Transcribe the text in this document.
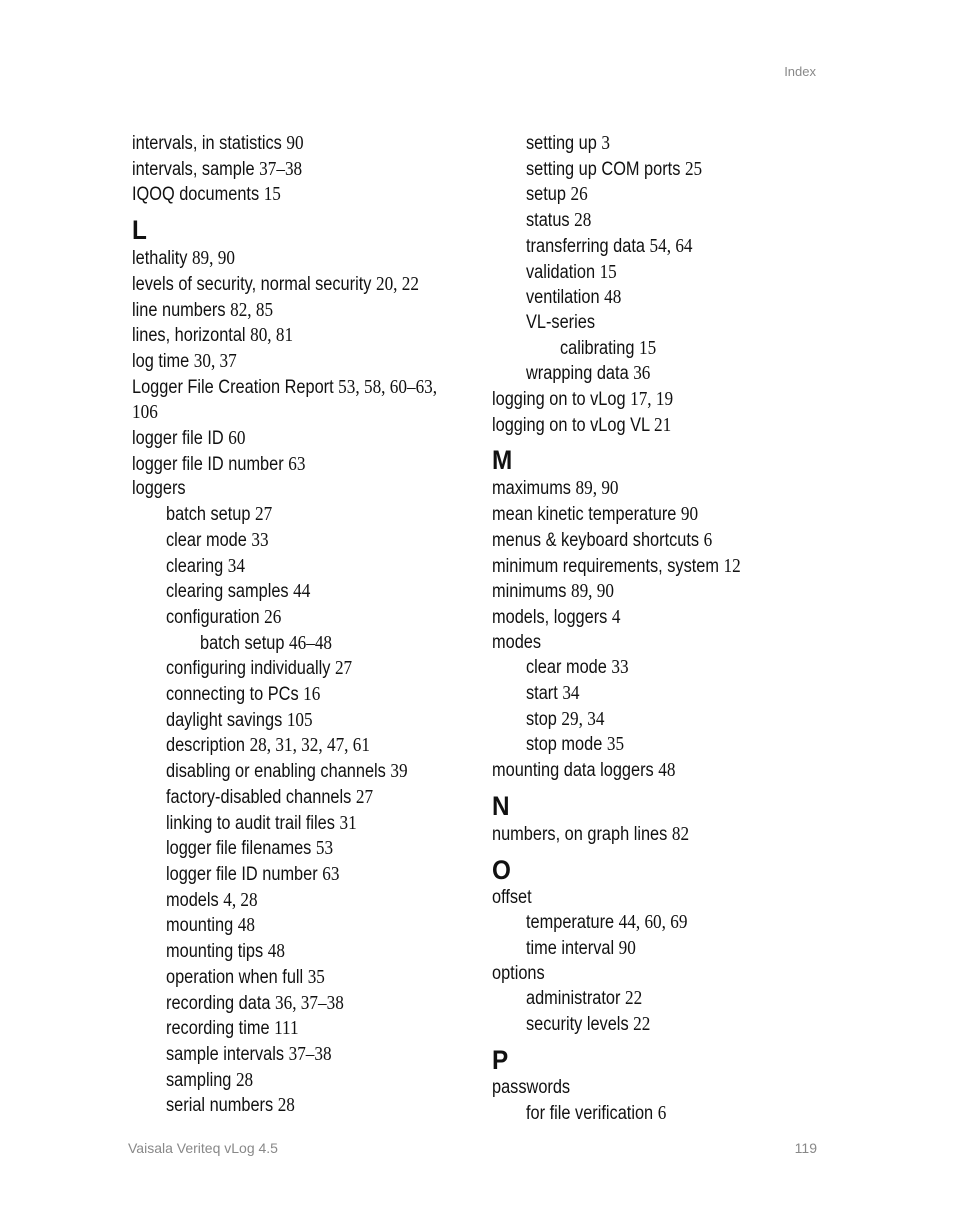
Index
intervals, in statistics 90
intervals, sample 37–38
IQOQ documents 15
L
lethality 89, 90
levels of security, normal security 20, 22
line numbers 82, 85
lines, horizontal 80, 81
log time 30, 37
Logger File Creation Report 53, 58, 60–63, 106
logger file ID 60
logger file ID number 63
loggers
batch setup 27
clear mode 33
clearing 34
clearing samples 44
configuration 26
batch setup 46–48
configuring individually 27
connecting to PCs 16
daylight savings 105
description 28, 31, 32, 47, 61
disabling or enabling channels 39
factory-disabled channels 27
linking to audit trail files 31
logger file filenames 53
logger file ID number 63
models 4, 28
mounting 48
mounting tips 48
operation when full 35
recording data 36, 37–38
recording time 111
sample intervals 37–38
sampling 28
serial numbers 28
setting up 3
setting up COM ports 25
setup 26
status 28
transferring data 54, 64
validation 15
ventilation 48
VL-series
calibrating 15
wrapping data 36
logging on to vLog 17, 19
logging on to vLog VL 21
M
maximums 89, 90
mean kinetic temperature 90
menus & keyboard shortcuts 6
minimum requirements, system 12
minimums 89, 90
models, loggers 4
modes
clear mode 33
start 34
stop 29, 34
stop mode 35
mounting data loggers 48
N
numbers, on graph lines 82
O
offset
temperature 44, 60, 69
time interval 90
options
administrator 22
security levels 22
P
passwords
for file verification 6
Vaisala Veriteq vLog 4.5	119
